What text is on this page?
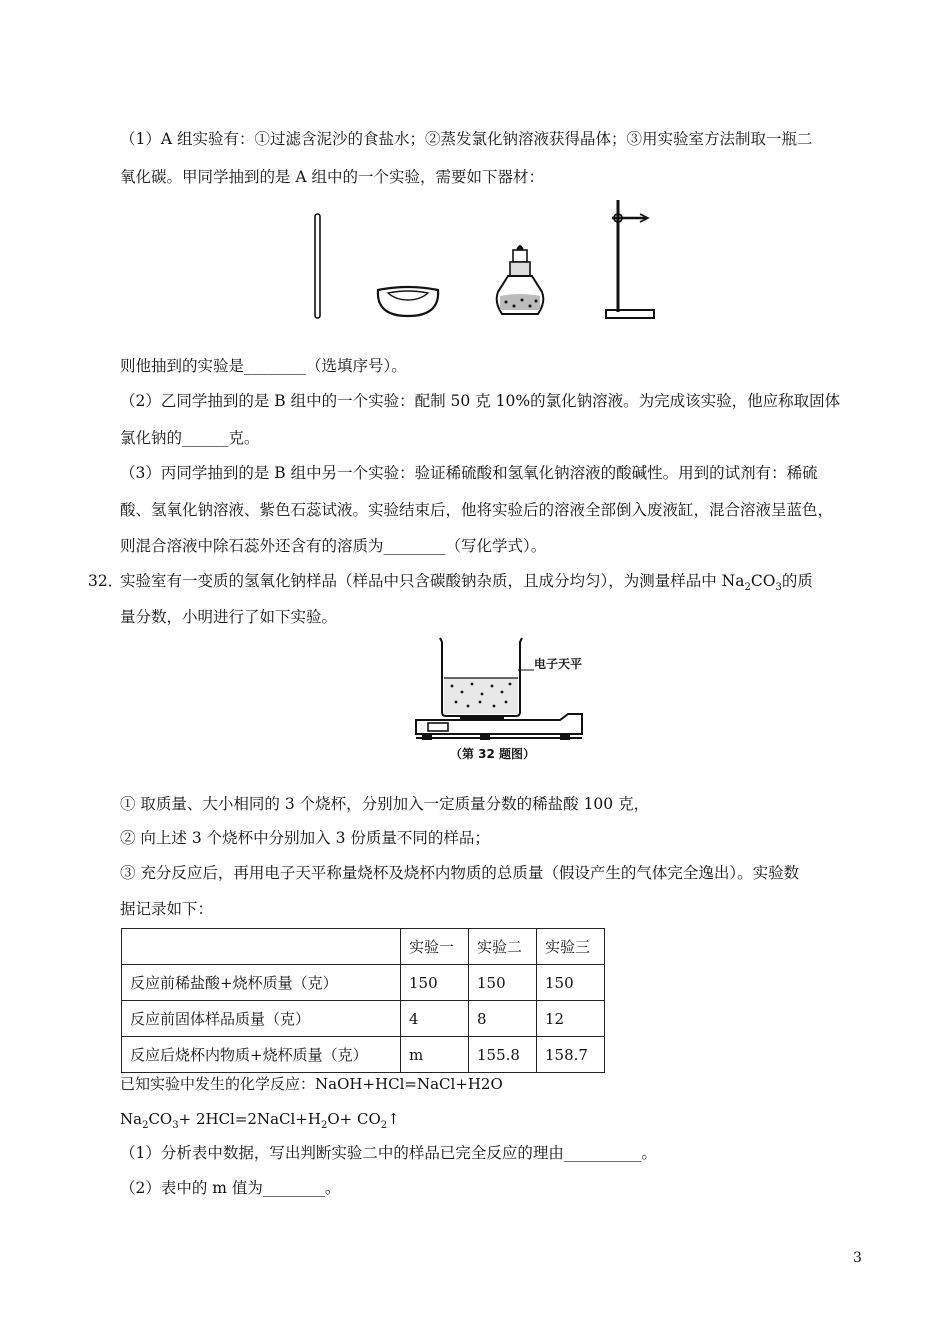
（1）A 组实验有：①过滤含泥沙的食盐水；②蒸发氯化钠溶液获得晶体；③用实验室方法制取一瓶二
氧化碳。甲同学抽到的是 A 组中的一个实验，需要如下器材：
则他抽到的实验是________（选填序号）。
（2）乙同学抽到的是 B 组中的一个实验：配制 50 克 10%的氯化钠溶液。为完成该实验，他应称取固体
氯化钠的______克。
（3）丙同学抽到的是 B 组中另一个实验：验证稀硫酸和氢氧化钠溶液的酸碱性。用到的试剂有：稀硫
酸、氢氧化钠溶液、紫色石蕊试液。实验结束后，他将实验后的溶液全部倒入废液缸，混合溶液呈蓝色，
则混合溶液中除石蕊外还含有的溶质为________（写化学式）。
32．
实验室有一变质的氢氧化钠样品（样品中只含碳酸钠杂质，且成分均匀），为测量样品中 $Na_2CO_3$的质
量分数，小明进行了如下实验。
电子天平
（第 32 题图）
① 取质量、大小相同的 3 个烧杯，分别加入一定质量分数的稀盐酸 100 克，
② 向上述 3 个烧杯中分别加入 3 份质量不同的样品；
③ 充分反应后，再用电子天平称量烧杯及烧杯内物质的总质量（假设产生的气体完全逸出）。实验数
据记录如下：
	实验一	实验二	实验三
反应前稀盐酸+烧杯质量（克）	150	150	150
反应前固体样品质量（克）	4	8	12
反应后烧杯内物质+烧杯质量（克）	m	155.8	158.7
已知实验中发生的化学反应：NaOH+HCl=NaCl+H2O
$Na_2CO_3+$ $2HCl=2NaCl+H_2O+$ $CO_2↑$
（1）分析表中数据，写出判断实验二中的样品已完全反应的理由__________。
（2）表中的 m 值为________。
3
